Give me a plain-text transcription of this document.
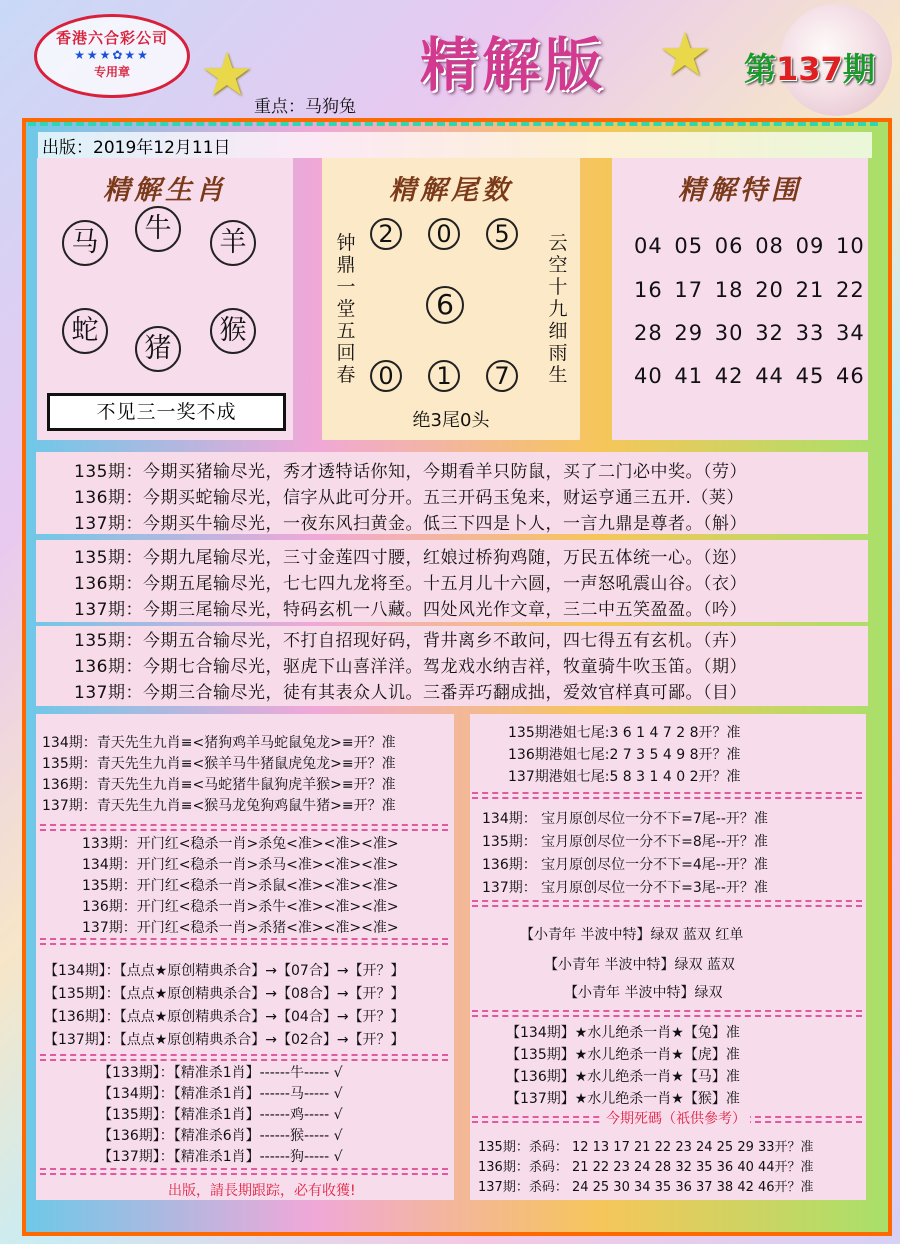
香港六合彩公司
★★★✿★★
专用章	★	★
精解版	第137期
重点：马狗兔
出版：2019年12月11日
精解生肖
马	牛	羊
蛇
猪
猴
不见三一奖不成
精解尾数
2	0	5
6
0	1	7
钟鼎一堂五回春
云空十九细雨生
绝3尾0头
精解特围
04 05 06 08 09 10
16 17 18 20 21 22
28 29 30 32 33 34
40 41 42 44 45 46
135期：今期买猪输尽光，秀才透特话你知，今期看羊只防鼠，买了二门必中奖。（劳）
136期：今期买蛇输尽光，信字从此可分开。五三开码玉兔来，财运亨通三五开.（荚）
137期：今期买牛输尽光，一夜东风扫黄金。低三下四是卜人，一言九鼎是尊者。（斛）
135期：今期九尾输尽光，三寸金莲四寸腰，红娘过桥狗鸡随，万民五体统一心。（迩）
136期：今期五尾输尽光，七七四九龙将至。十五月儿十六圆，一声怒吼震山谷。（衣）
137期：今期三尾输尽光，特码玄机一八藏。四处风光作文章，三二中五笑盈盈。（吟）
135期：今期五合输尽光，不打自招现好码，背井离乡不敢问，四七得五有玄机。（卉）
136期：今期七合输尽光，驱虎下山喜洋洋。驾龙戏水纳吉祥，牧童骑牛吹玉笛。（期）
137期：今期三合输尽光，徒有其表众人讥。三番弄巧翻成拙，爱效官样真可鄙。（目）
134期：青天先生九肖≡<猪狗鸡羊马蛇鼠兔龙>≡开？准
135期：青天先生九肖≡<猴羊马牛猪鼠虎兔龙>≡开？准
136期：青天先生九肖≡<马蛇猪牛鼠狗虎羊猴>≡开？准
137期：青天先生九肖≡<猴马龙兔狗鸡鼠牛猪>≡开？准
133期：开门红<稳杀一肖>杀兔<准><准><准>
134期：开门红<稳杀一肖>杀马<准><准><准>
135期：开门红<稳杀一肖>杀鼠<准><准><准>
136期：开门红<稳杀一肖>杀牛<准><准><准>
137期：开门红<稳杀一肖>杀猪<准><准><准>
【134期】：【点点★原创精典杀合】→【07合】→【开？】
【135期】：【点点★原创精典杀合】→【08合】→【开？】
【136期】：【点点★原创精典杀合】→【04合】→【开？】
【137期】：【点点★原创精典杀合】→【02合】→【开？】
【133期】：【精准杀1肖】------牛----- √
【134期】：【精准杀1肖】------马----- √
【135期】：【精准杀1肖】------鸡----- √
【136期】：【精准杀6肖】------猴----- √
【137期】：【精准杀1肖】------狗----- √
出版，請長期跟踪，必有收獲!
135期港姐七尾:3 6 1 4 7 2 8开？准
136期港姐七尾:2 7 3 5 4 9 8开？准
137期港姐七尾:5 8 3 1 4 0 2开？准
134期： 宝月原创尽位一分不下=7尾--开？准
135期： 宝月原创尽位一分不下=8尾--开？准
136期： 宝月原创尽位一分不下=4尾--开？准
137期： 宝月原创尽位一分不下=3尾--开？准
【小青年 半波中特】绿双 蓝双 红单
【小青年 半波中特】绿双 蓝双
【小青年 半波中特】绿双
【134期】★水儿绝杀一肖★【兔】准
【135期】★水儿绝杀一肖★【虎】准
【136期】★水儿绝杀一肖★【马】准
【137期】★水儿绝杀一肖★【猴】准
今期死碼（祇供參考）
135期：杀码： 12 13 17 21 22 23 24 25 29 33开？准
136期：杀码： 21 22 23 24 28 32 35 36 40 44开？准
137期：杀码： 24 25 30 34 35 36 37 38 42 46开？准
